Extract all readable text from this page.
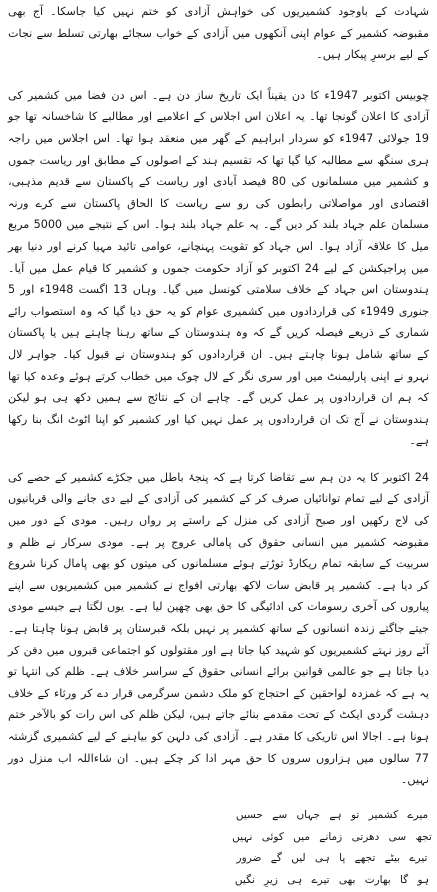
شہادت کے باوجود کشمیریوں کی خواہش آزادی کو ختم نہیں کیا جاسکا۔ آج بھی مقبوضہ کشمیر کے عوام اپنی آنکھوں میں آزادی کے خواب سجائے بھارتی تسلط سے نجات کے لیے برسرِ پیکار ہیں۔

چوبیس اکتوبر 1947ء کا دن یقیناً ایک تاریخ ساز دن ہے۔ اس دن فضا میں کشمیر کی آزادی کا اعلان گونجا تھا۔ یہ اعلان اس اجلاس کے اعلامیے اور مطالبے کا شاخسانہ تھا جو 19 جولائی 1947ء کو سردار ابراہیم کے گھر میں منعقد ہوا تھا۔ اس اجلاس میں راجہ ہری سنگھ سے مطالبہ کیا گیا تھا کہ تقسیم ہند کے اصولوں کے مطابق اور ریاست جموں و کشمیر میں مسلمانوں کی 80 فیصد آبادی اور ریاست کے پاکستان سے قدیم مذہبی، اقتصادی اور مواصلاتی رابطوں کی رو سے ریاست کا الحاق پاکستان سے کرے ورنہ مسلمان علم جہاد بلند کر دیں گے۔ یہ علم جہاد بلند ہوا۔ اس کے نتیجے میں 5000 مربع میل کا علاقہ آزاد ہوا۔ اس جہاد کو تقویت پہنچانے، عوامی تائید مہیا کرنے اور دنیا بھر میں پراجیکشن کے لیے 24 اکتوبر کو آزاد حکومت جموں و کشمیر کا قیام عمل میں آیا۔ ہندوستان اس جہاد کے خلاف سلامتی کونسل میں گیا۔ وہاں 13 اگست 1948ء اور 5 جنوری 1949ء کی قراردادوں میں کشمیری عوام کو یہ حق دیا گیا کہ وہ استصواب رائے شماری کے ذریعے فیصلہ کریں گے کہ وہ ہندوستان کے ساتھ رہنا چاہتے ہیں یا پاکستان کے ساتھ شامل ہونا چاہتے ہیں۔ ان قراردادوں کو ہندوستان نے قبول کیا۔ جواہر لال نہرو نے اپنی پارلیمنٹ میں اور سری نگر کے لال چوک میں خطاب کرتے ہوئے وعدہ کیا تھا کہ ہم ان قراردادوں پر عمل کریں گے۔ چاہے ان کے نتائج سے ہمیں دکھ ہی ہو لیکن ہندوستان نے آج تک ان قراردادوں پر عمل نہیں کیا اور کشمیر کو اپنا اٹوٹ انگ بنا رکھا ہے۔

24 اکتوبر کا یہ دن ہم سے تقاضا کرتا ہے کہ پنجۂ باطل میں جکڑے کشمیر کے حصے کی آزادی کے لیے تمام توانائیاں صرف کر کے کشمیر کی آزادی کے لیے دی جانے والی قربانیوں کی لاج رکھیں اور صبح آزادی کی منزل کے راستے پر رواں رہیں۔ مودی کے دور میں مقبوضہ کشمیر میں انسانی حقوق کی پامالی عروج پر ہے۔ مودی سرکار نے ظلم و سربیت کے سابقہ تمام ریکارڈ توڑتے ہوئے مسلمانوں کی میتوں کو بھی پامال کرنا شروع کر دیا ہے۔ کشمیر پر قابض سات لاکھ بھارتی افواج نے کشمیر میں کشمیریوں سے اپنے پیاروں کی آخری رسومات کی ادائیگی کا حق بھی چھین لیا ہے۔ یوں لگتا ہے جیسے مودی جیتے جاگتے زندہ انسانوں کے ساتھ کشمیر پر نہیں بلکہ قبرستان پر قابض ہونا چاہتا ہے۔ آئے روز نہتے کشمیریوں کو شہید کیا جاتا ہے اور مقتولوں کو اجتماعی قبروں میں دفن کر دیا جاتا ہے جو عالمی قوانین برائے انسانی حقوق کے سراسر خلاف ہے۔ ظلم کی انتہا تو یہ ہے کہ غمزدہ لواحقین کے احتجاج کو ملک دشمن سرگرمی قرار دے کر ورثاء کے خلاف دہشت گردی ایکٹ کے تحت مقدمے بنائے جاتے ہیں، لیکن ظلم کی اس رات کو بالآخر ختم ہونا ہے۔ اجالا اس تاریکی کا مقدر ہے۔ آزادی کی دلہن کو بیاہنے کے لیے کشمیری گزشتہ 77 سالوں میں ہزاروں سروں کا حق مہر ادا کر چکے ہیں۔ ان شاءاللہ اب منزل دور نہیں۔

میرے کشمیر تو ہے جہاں سے حسیں
تجھ سی دھرتی زمانے میں کوئی نہیں
تیرے بیٹے تجھے پا ہی لیں گے ضرور
ہو گا بھارت بھی تیرے ہی زیرِ نگیں
